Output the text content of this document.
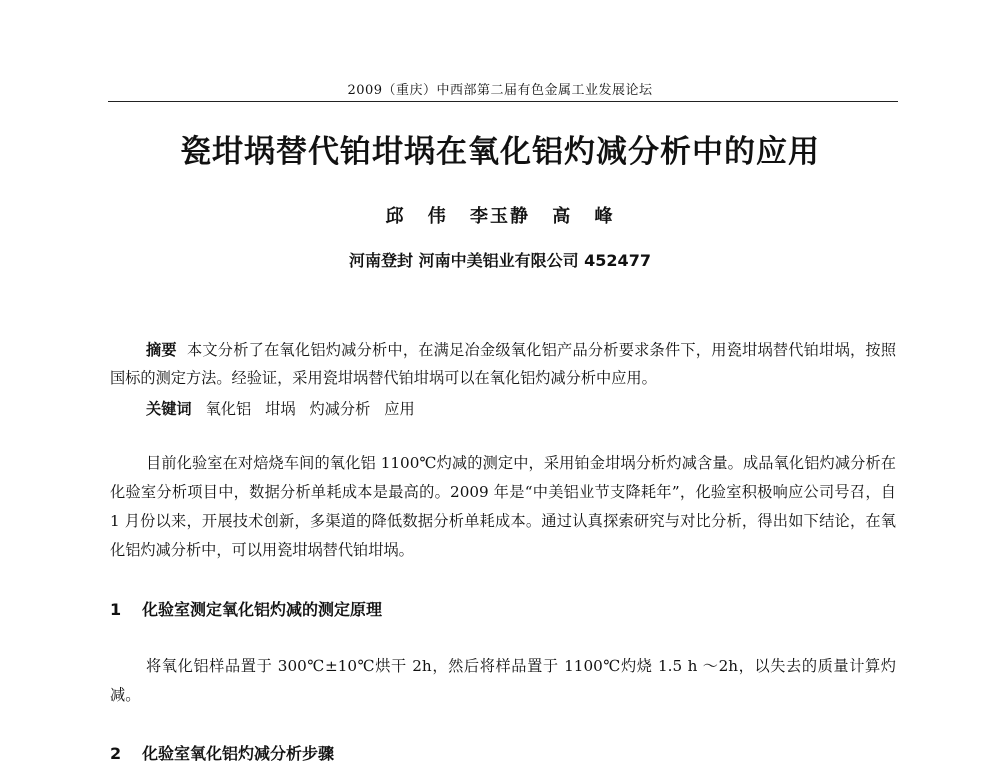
2009（重庆）中西部第二届有色金属工业发展论坛
瓷坩埚替代铂坩埚在氧化铝灼减分析中的应用
邱 伟 李玉静 高 峰
河南登封 河南中美铝业有限公司 452477
摘要 本文分析了在氧化铝灼减分析中，在满足冶金级氧化铝产品分析要求条件下，用瓷坩埚替代铂坩埚，按照国标的测定方法。经验证，采用瓷坩埚替代铂坩埚可以在氧化铝灼减分析中应用。
关键词 氧化铝 坩埚 灼减分析 应用

目前化验室在对焙烧车间的氧化铝 1100℃灼减的测定中，采用铂金坩埚分析灼减含量。成品氧化铝灼减分析在化验室分析项目中，数据分析单耗成本是最高的。2009 年是“中美铝业节支降耗年”，化验室积极响应公司号召，自 1 月份以来，开展技术创新，多渠道的降低数据分析单耗成本。通过认真探索研究与对比分析，得出如下结论，在氧化铝灼减分析中，可以用瓷坩埚替代铂坩埚。

1 化验室测定氧化铝灼减的测定原理

将氧化铝样品置于 300℃±10℃烘干 2h，然后将样品置于 1100℃灼烧 1.5 h ～2h，以失去的质量计算灼减。

2 化验室氧化铝灼减分析步骤
